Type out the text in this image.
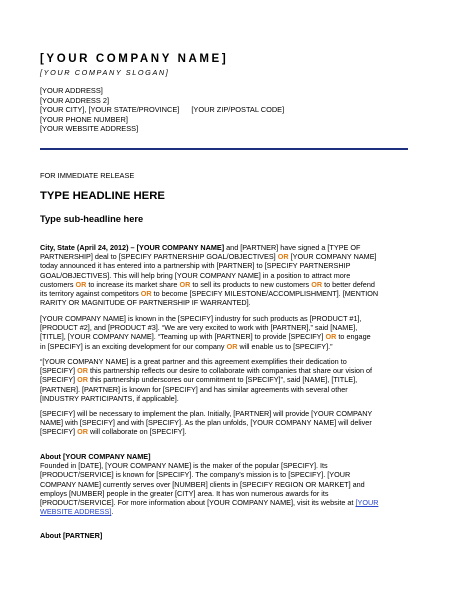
[YOUR COMPANY NAME]
[YOUR COMPANY SLOGAN]
[YOUR ADDRESS]
[YOUR ADDRESS 2]
[YOUR CITY], [YOUR STATE/PROVINCE] [YOUR ZIP/POSTAL CODE]
[YOUR PHONE NUMBER]
[YOUR WEBSITE ADDRESS]
FOR IMMEDIATE RELEASE
TYPE HEADLINE HERE
Type sub-headline here
City, State (April 24, 2012) – [YOUR COMPANY NAME] and [PARTNER] have signed a [TYPE OF
PARTNERSHIP] deal to [SPECIFY PARTNERSHIP GOAL/OBJECTIVES] OR [YOUR COMPANY NAME]
today announced it has entered into a partnership with [PARTNER] to [SPECIFY PARTNERSHIP
GOAL/OBJECTIVES]. This will help bring [YOUR COMPANY NAME] in a position to attract more
customers OR to increase its market share OR to sell its products to new customers OR to better defend
its territory against competitors OR to become [SPECIFY MILESTONE/ACCOMPLISHMENT]. [MENTION
RARITY OR MAGNITUDE OF PARTNERSHIP IF WARRANTED].
[YOUR COMPANY NAME] is known in the [SPECIFY] industry for such products as [PRODUCT #1],
[PRODUCT #2], and [PRODUCT #3]. “We are very excited to work with [PARTNER],” said [NAME],
[TITLE], [YOUR COMPANY NAME]. “Teaming up with [PARTNER] to provide [SPECIFY] OR to engage
in [SPECIFY] is an exciting development for our company OR will enable us to [SPECIFY].”
“[YOUR COMPANY NAME] is a great partner and this agreement exemplifies their dedication to
[SPECIFY] OR this partnership reflects our desire to collaborate with companies that share our vision of
[SPECIFY] OR this partnership underscores our commitment to [SPECIFY]”, said [NAME], [TITLE],
[PARTNER]. [PARTNER] is known for [SPECIFY] and has similar agreements with several other
[INDUSTRY PARTICIPANTS, if applicable].
[SPECIFY] will be necessary to implement the plan. Initially, [PARTNER] will provide [YOUR COMPANY
NAME] with [SPECIFY] and with [SPECIFY]. As the plan unfolds, [YOUR COMPANY NAME] will deliver
[SPECIFY] OR will collaborate on [SPECIFY].
About [YOUR COMPANY NAME]
Founded in [DATE], [YOUR COMPANY NAME] is the maker of the popular [SPECIFY]. Its
[PRODUCT/SERVICE] is known for [SPECIFY]. The company’s mission is to [SPECIFY]. [YOUR
COMPANY NAME] currently serves over [NUMBER] clients in [SPECIFY REGION OR MARKET] and
employs [NUMBER] people in the greater [CITY] area. It has won numerous awards for its
[PRODUCT/SERVICE]. For more information about [YOUR COMPANY NAME], visit its website at [YOUR
WEBSITE ADDRESS].
About [PARTNER]
